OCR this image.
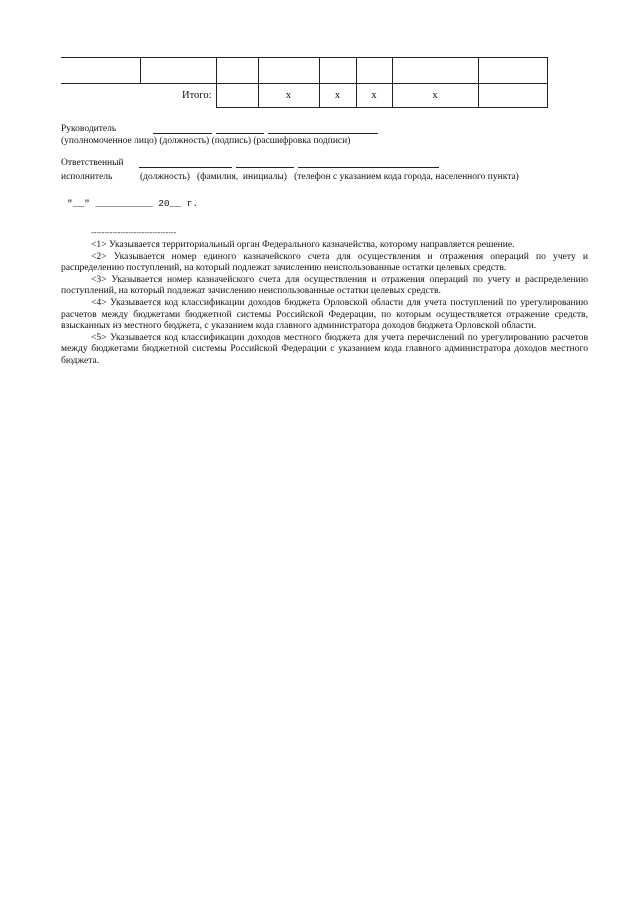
	Итого:		x	x	x	x	
Руководитель
(уполномоченное лицо) (должность) (подпись) (расшифровка подписи)
Ответственный
исполнитель	(должность)   (фамилия,  инициалы)   (телефон с указанием кода города, населенного пункта)
"__" __________ 20__ г.
--------------------------------

<1> Указывается территориальный орган Федерального казначейства, которому направляется решение.

<2> Указывается номер единого казначейского счета для осуществления и отражения операций по учету и распределению поступлений, на который подлежат зачислению неиспользованные остатки целевых средств.

<3> Указывается номер казначейского счета для осуществления и отражения операций по учету и распределению поступлений, на который подлежат зачислению неиспользованные остатки целевых средств.

<4> Указывается код классификации доходов бюджета Орловской области для учета поступлений по урегулированию расчетов между бюджетами бюджетной системы Российской Федерации, по которым осуществляется отражение средств, взысканных из местного бюджета, с указанием кода главного администратора доходов бюджета Орловской области.

<5> Указывается код классификации доходов местного бюджета для учета перечислений по урегулированию расчетов между бюджетами бюджетной системы Российской Федерации с указанием кода главного администратора доходов местного бюджета.
